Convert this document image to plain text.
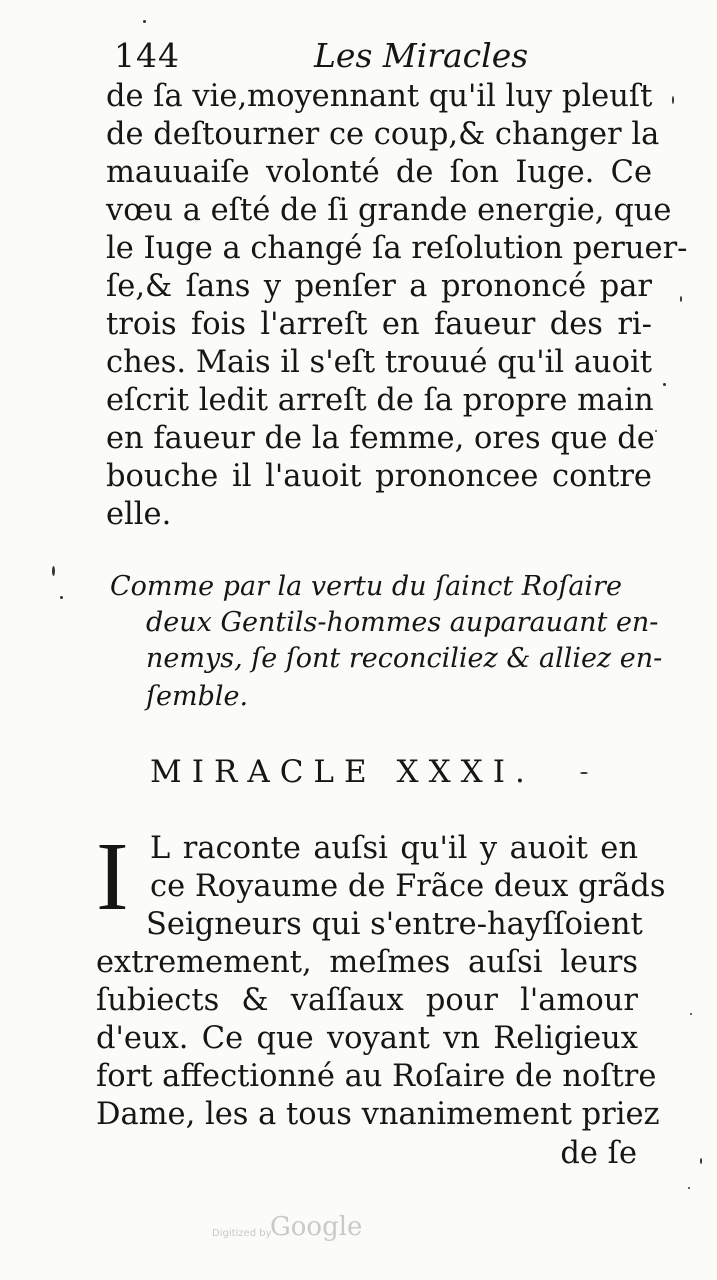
144	Les Miracles
de ſa vie,moyennant qu'il luy pleuſt
de deſtourner ce coup,& changer la
mauuaiſe volonté de ſon Iuge. Ce
vœu a eſté de ſi grande energie, que
le Iuge a changé ſa reſolution peruer-
ſe,& ſans y penſer a prononcé par
trois fois l'arreſt en faueur des ri-
ches. Mais il s'eſt trouué qu'il auoit
eſcrit ledit arreſt de ſa propre main
en faueur de la femme, ores que de
bouche il l'auoit prononcee contre
elle.
Comme par la vertu du ſainct Roſaire
deux Gentils-hommes auparauant en-
nemys, ſe ſont reconciliez & alliez en-
ſemble.
MIRACLE XXXI.
I L raconte auſsi qu'il y auoit en
ce Royaume de Frãce deux grãds
Seigneurs qui s'entre-hayſſoient
extremement, meſmes auſsi leurs
ſubiects & vaſſaux pour l'amour
d'eux. Ce que voyant vn Religieux
fort affectionné au Roſaire de noſtre
Dame, les a tous vnanimement priez
de ſe
Digitized by
Google
